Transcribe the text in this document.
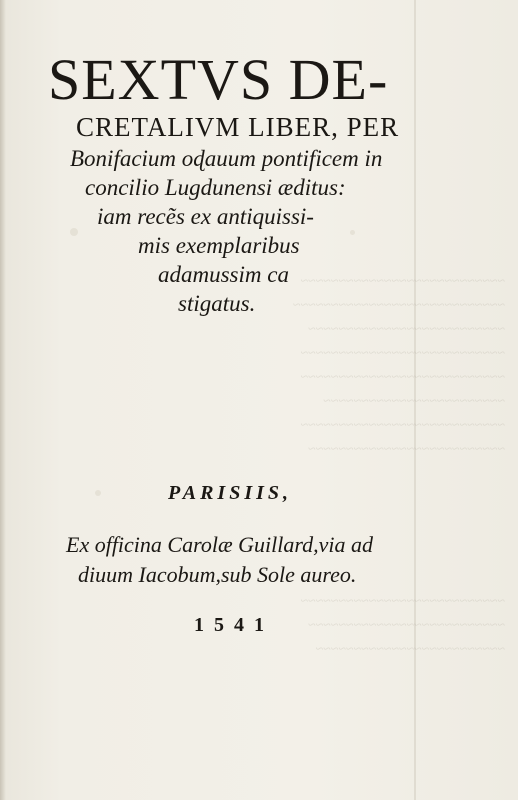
~~~~~~~~~~~~~~~~~~~~~~~~~~~
~~~~~~~~~~~~~~~~~~~~~~~~~~~~
~~~~~~~~~~~~~~~~~~~~~~~~~~
~~~~~~~~~~~~~~~~~~~~~~~~~~~
~~~~~~~~~~~~~~~~~~~~~~~~~~~
~~~~~~~~~~~~~~~~~~~~~~~~
~~~~~~~~~~~~~~~~~~~~~~~~~~~
~~~~~~~~~~~~~~~~~~~~~~~~~~
~~~~~~~~~~~~~~~~~~~~~~~~~~~
~~~~~~~~~~~~~~~~~~~~~~~~~~
~~~~~~~~~~~~~~~~~~~~~~~~~
SEXTVS DE-
CRETALIVM LIBER, PER
Bonifacium oɖauum pontificem in
concilio Lugdunensi æditus:
iam recẽs ex antiquissi-
mis exemplaribus
adamussim ca
stigatus.
PARISIIS,
Ex officina Carolæ Guillard,via ad
diuum Iacobum,sub Sole aureo.
1541
